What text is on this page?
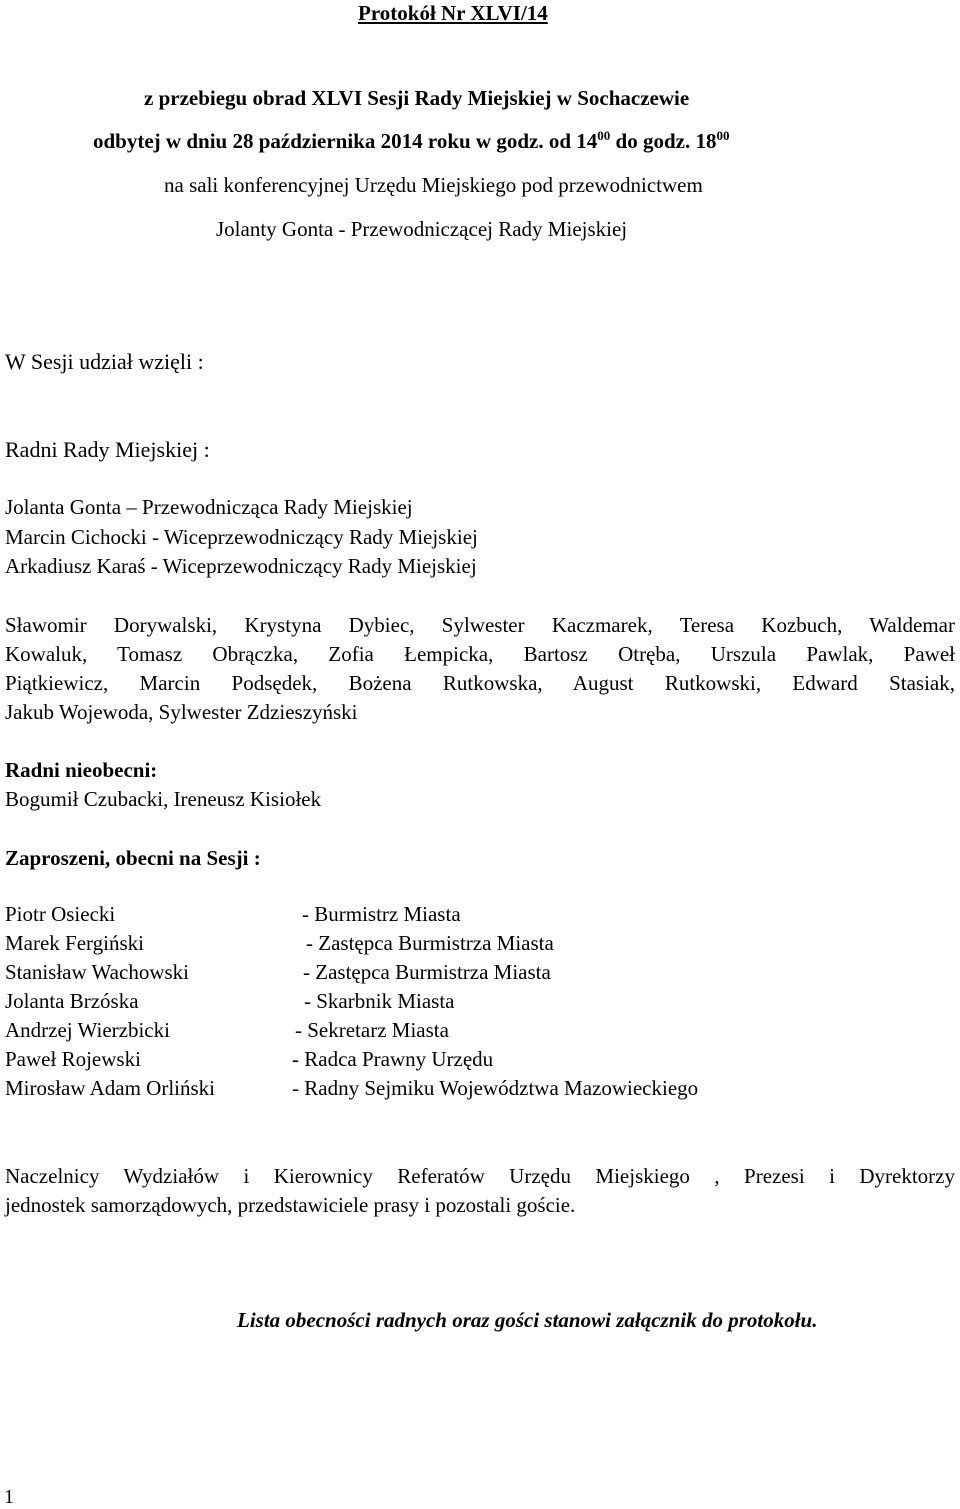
Protokół Nr XLVI/14
z przebiegu obrad XLVI Sesji Rady Miejskiej w Sochaczewie
odbytej w dniu 28 października 2014 roku w godz. od $14^{00}$ do godz. $18^{00}$
na sali konferencyjnej Urzędu Miejskiego pod przewodnictwem
Jolanty Gonta - Przewodniczącej Rady Miejskiej
W Sesji udział wzięli :
Radni Rady Miejskiej :
Jolanta Gonta – Przewodnicząca Rady Miejskiej
Marcin Cichocki - Wiceprzewodniczący Rady Miejskiej
Arkadiusz Karaś - Wiceprzewodniczący Rady Miejskiej
Sławomir Dorywalski, Krystyna Dybiec, Sylwester Kaczmarek, Teresa Kozbuch, Waldemar
Kowaluk, Tomasz Obrączka, Zofia Łempicka, Bartosz Otręba, Urszula Pawlak, Paweł
Piątkiewicz, Marcin Podsędek, Bożena Rutkowska, August Rutkowski, Edward Stasiak,
Jakub Wojewoda, Sylwester Zdzieszyński
Radni nieobecni:
Bogumił Czubacki, Ireneusz Kisiołek
Zaproszeni, obecni na Sesji :
Piotr Osiecki	- Burmistrz Miasta
Marek Fergiński	- Zastępca Burmistrza Miasta
Stanisław Wachowski	- Zastępca Burmistrza Miasta
Jolanta Brzóska	- Skarbnik Miasta
Andrzej Wierzbicki	- Sekretarz Miasta
Paweł Rojewski	- Radca Prawny Urzędu
Mirosław Adam Orliński	- Radny Sejmiku Województwa Mazowieckiego
Naczelnicy Wydziałów i Kierownicy Referatów Urzędu Miejskiego , Prezesi i Dyrektorzy
jednostek samorządowych, przedstawiciele prasy i pozostali goście.
Lista obecności radnych oraz gości stanowi załącznik do protokołu.
1
